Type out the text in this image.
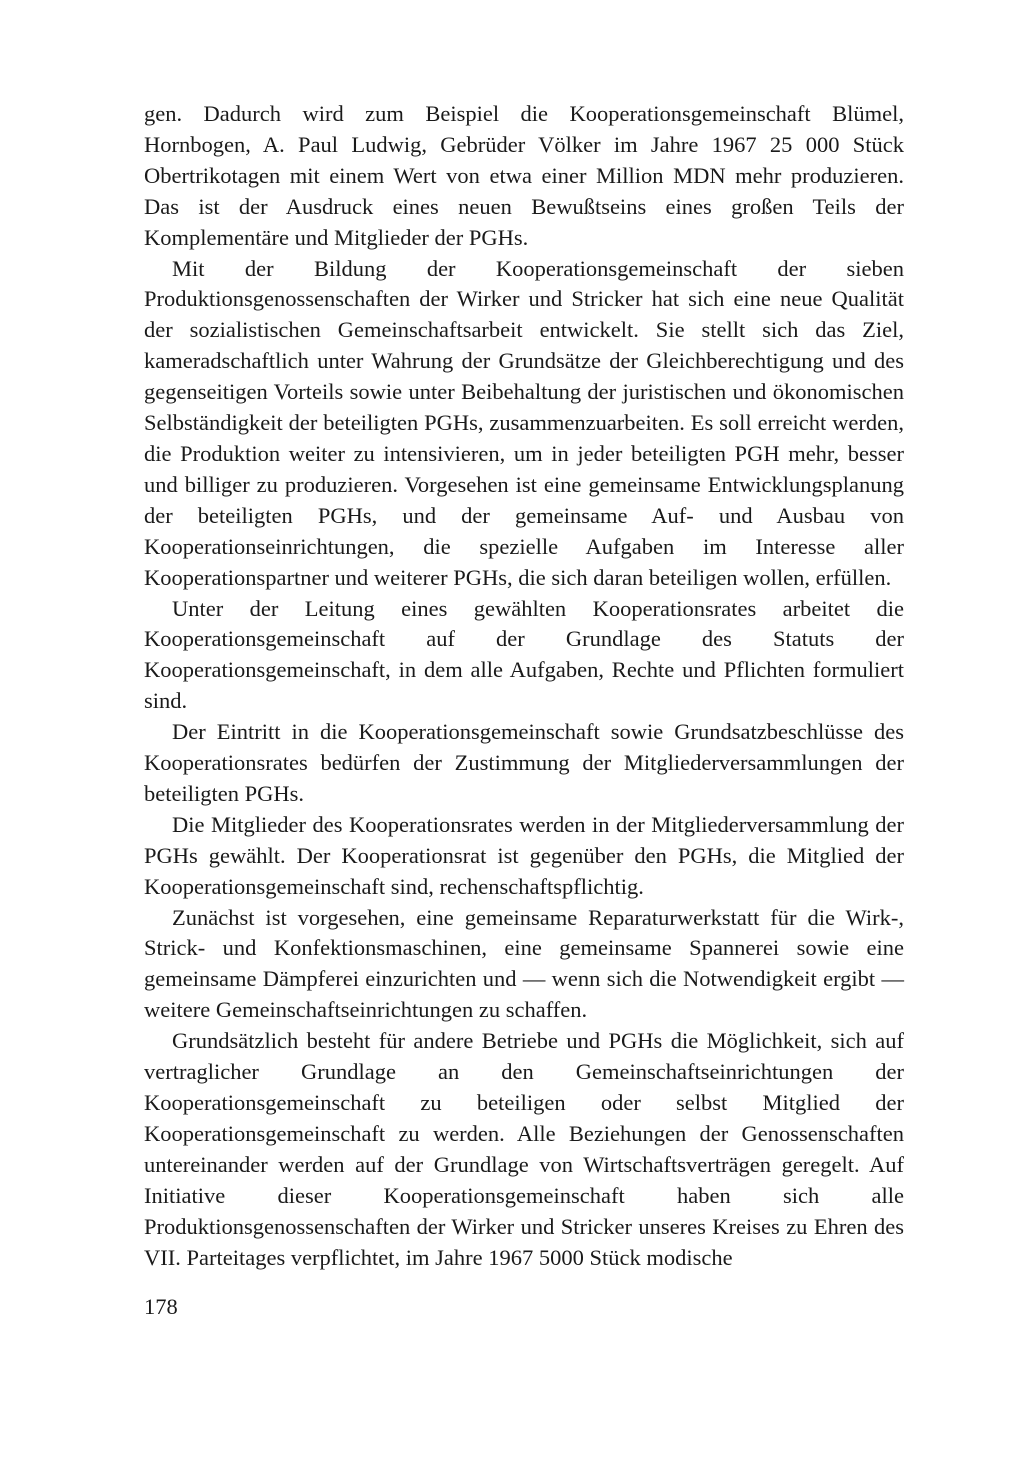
gen. Dadurch wird zum Beispiel die Kooperationsgemeinschaft Blümel, Hornbogen, A. Paul Ludwig, Gebrüder Völker im Jahre 1967 25 000 Stück Obertrikotagen mit einem Wert von etwa einer Million MDN mehr produzieren. Das ist der Ausdruck eines neuen Bewußtseins eines großen Teils der Komplementäre und Mitglieder der PGHs.

Mit der Bildung der Kooperationsgemeinschaft der sieben Produktionsgenossenschaften der Wirker und Stricker hat sich eine neue Qualität der sozialistischen Gemeinschaftsarbeit entwickelt. Sie stellt sich das Ziel, kameradschaftlich unter Wahrung der Grundsätze der Gleichberechtigung und des gegenseitigen Vorteils sowie unter Beibehaltung der juristischen und ökonomischen Selbständigkeit der beteiligten PGHs, zusammenzuarbeiten. Es soll erreicht werden, die Produktion weiter zu intensivieren, um in jeder beteiligten PGH mehr, besser und billiger zu produzieren. Vorgesehen ist eine gemeinsame Entwicklungsplanung der beteiligten PGHs, und der gemeinsame Auf- und Ausbau von Kooperationseinrichtungen, die spezielle Aufgaben im Interesse aller Kooperationspartner und weiterer PGHs, die sich daran beteiligen wollen, erfüllen.

Unter der Leitung eines gewählten Kooperationsrates arbeitet die Kooperationsgemeinschaft auf der Grundlage des Statuts der Kooperationsgemeinschaft, in dem alle Aufgaben, Rechte und Pflichten formuliert sind.

Der Eintritt in die Kooperationsgemeinschaft sowie Grundsatzbeschlüsse des Kooperationsrates bedürfen der Zustimmung der Mitgliederversammlungen der beteiligten PGHs.

Die Mitglieder des Kooperationsrates werden in der Mitgliederversammlung der PGHs gewählt. Der Kooperationsrat ist gegenüber den PGHs, die Mitglied der Kooperationsgemeinschaft sind, rechenschaftspflichtig.

Zunächst ist vorgesehen, eine gemeinsame Reparaturwerkstatt für die Wirk-, Strick- und Konfektionsmaschinen, eine gemeinsame Spannerei sowie eine gemeinsame Dämpferei einzurichten und — wenn sich die Notwendigkeit ergibt — weitere Gemeinschaftseinrichtungen zu schaffen.

Grundsätzlich besteht für andere Betriebe und PGHs die Möglichkeit, sich auf vertraglicher Grundlage an den Gemeinschaftseinrichtungen der Kooperationsgemeinschaft zu beteiligen oder selbst Mitglied der Kooperationsgemeinschaft zu werden. Alle Beziehungen der Genossenschaften untereinander werden auf der Grundlage von Wirtschaftsverträgen geregelt. Auf Initiative dieser Kooperationsgemeinschaft haben sich alle Produktionsgenossenschaften der Wirker und Stricker unseres Kreises zu Ehren des VII. Parteitages verpflichtet, im Jahre 1967 5000 Stück modische

178
